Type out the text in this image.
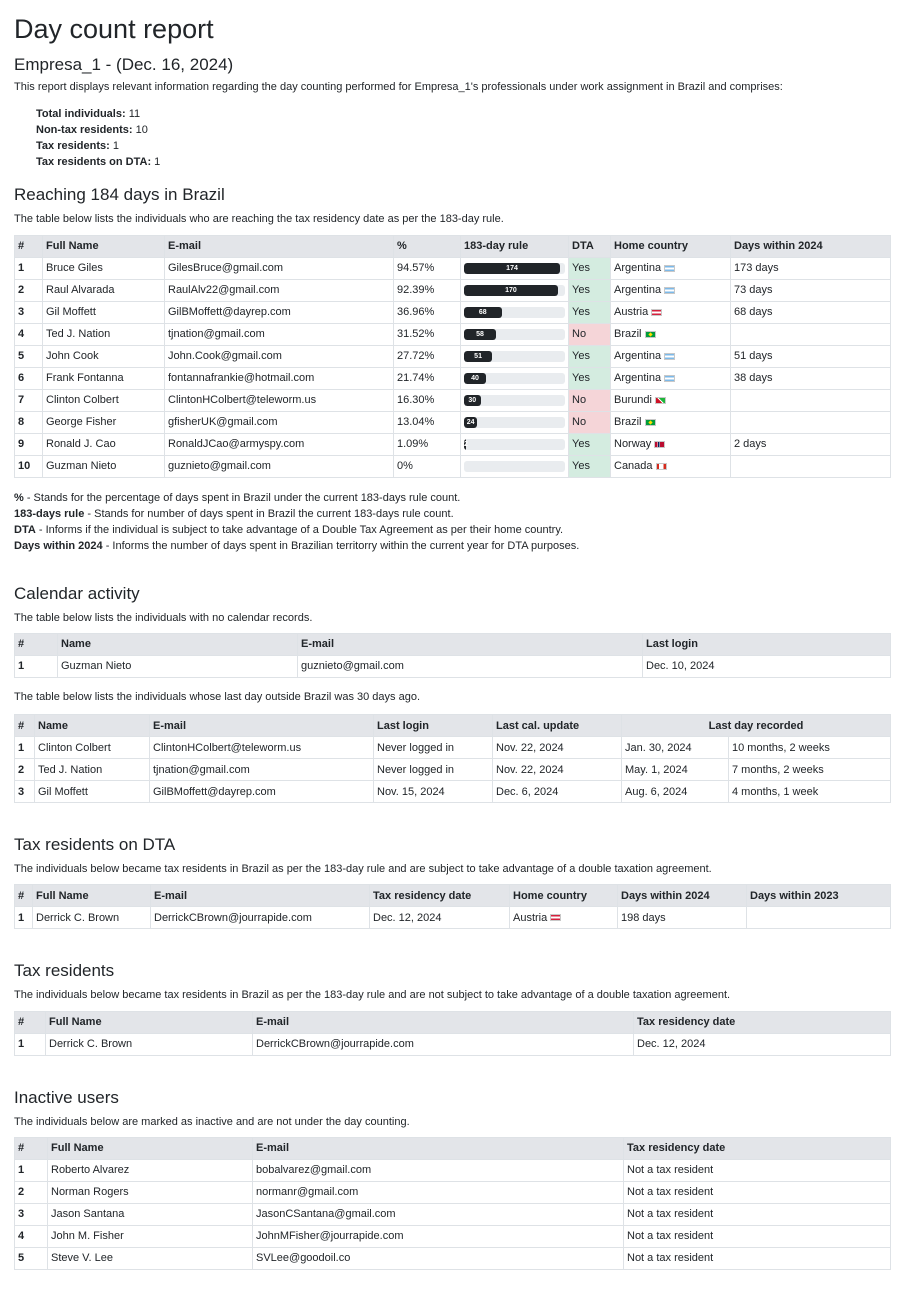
Day count report
Empresa_1 - (Dec. 16, 2024)

This report displays relevant information regarding the day counting performed for Empresa_1's professionals under work assignment in Brazil and comprises:

Total individuals: 11
Non-tax residents: 10
Tax residents: 1
Tax residents on DTA: 1
Reaching 184 days in Brazil

The table below lists the individuals who are reaching the tax residency date as per the 183-day rule.

#	Full Name	E-mail	%	183-day rule	DTA	Home country	Days within 2024
1	Bruce Giles	GilesBruce@gmail.com	94.57%	174	Yes	Argentina	173 days
2	Raul Alvarada	RaulAlv22@gmail.com	92.39%	170	Yes	Argentina	73 days
3	Gil Moffett	GilBMoffett@dayrep.com	36.96%	68	Yes	Austria	68 days
4	Ted J. Nation	tjnation@gmail.com	31.52%	58	No	Brazil	
5	John Cook	John.Cook@gmail.com	27.72%	51	Yes	Argentina	51 days
6	Frank Fontanna	fontannafrankie@hotmail.com	21.74%	40	Yes	Argentina	38 days
7	Clinton Colbert	ClintonHColbert@teleworm.us	16.30%	30	No	Burundi	
8	George Fisher	gfisherUK@gmail.com	13.04%	24	No	Brazil	
9	Ronald J. Cao	RonaldJCao@armyspy.com	1.09%	2	Yes	Norway	2 days
10	Guzman Nieto	guznieto@gmail.com	0%		Yes	Canada	
% - Stands for the percentage of days spent in Brazil under the current 183-days rule count.
183-days rule - Stands for number of days spent in Brazil the current 183-days rule count.
DTA - Informs if the individual is subject to take advantage of a Double Tax Agreement as per their home country.
Days within 2024 - Informs the number of days spent in Brazilian territorry within the current year for DTA purposes.
Calendar activity

The table below lists the individuals with no calendar records.

#	Name	E-mail	Last login
1	Guzman Nieto	guznieto@gmail.com	Dec. 10, 2024

The table below lists the individuals whose last day outside Brazil was 30 days ago.

#	Name	E-mail	Last login	Last cal. update	Last day recorded	
1	Clinton Colbert	ClintonHColbert@teleworm.us	Never logged in	Nov. 22, 2024	Jan. 30, 2024	10 months, 2 weeks
2	Ted J. Nation	tjnation@gmail.com	Never logged in	Nov. 22, 2024	May. 1, 2024	7 months, 2 weeks
3	Gil Moffett	GilBMoffett@dayrep.com	Nov. 15, 2024	Dec. 6, 2024	Aug. 6, 2024	4 months, 1 week
Tax residents on DTA

The individuals below became tax residents in Brazil as per the 183-day rule and are subject to take advantage of a double taxation agreement.

#	Full Name	E-mail	Tax residency date	Home country	Days within 2024	Days within 2023
1	Derrick C. Brown	DerrickCBrown@jourrapide.com	Dec. 12, 2024	Austria	198 days	
Tax residents

The individuals below became tax residents in Brazil as per the 183-day rule and are not subject to take advantage of a double taxation agreement.

#	Full Name	E-mail	Tax residency date
1	Derrick C. Brown	DerrickCBrown@jourrapide.com	Dec. 12, 2024
Inactive users

The individuals below are marked as inactive and are not under the day counting.

#	Full Name	E-mail	Tax residency date
1	Roberto Alvarez	bobalvarez@gmail.com	Not a tax resident
2	Norman Rogers	normanr@gmail.com	Not a tax resident
3	Jason Santana	JasonCSantana@gmail.com	Not a tax resident
4	John M. Fisher	JohnMFisher@jourrapide.com	Not a tax resident
5	Steve V. Lee	SVLee@goodoil.co	Not a tax resident
